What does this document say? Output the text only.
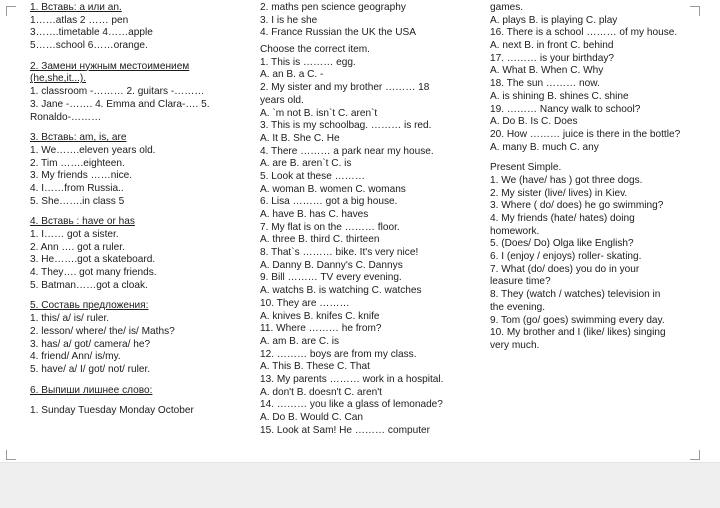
1. Вставь: a или an.
1……atlas 2 …… pen
3…….timetable 4……apple
5……school 6……orange.
2. Замени нужным местоимением
(he,she,it...).
1. classroom -……… 2. guitars -………
3. Jane -……. 4. Emma and Clara-…. 5.
Ronaldo-………
3. Вставь: am, is, are
1. We…….eleven years old.
2. Tim …….eighteen.
3. My friends ……nice.
4. I……from Russia..
5. She…….in class 5
4. Вставь : have or has
1. I…… got a sister.
2. Ann …. got a ruler.
3. He…….got a skateboard.
4. They…. got many friends.
5. Batman……got a cloak.
5. Составь предложения:
1. this/ a/ is/ ruler.
2. lesson/ where/ the/ is/ Maths?
3. has/ a/ got/ camera/ he?
4. friend/ Ann/ is/my.
5. have/ a/ I/ got/ not/ ruler.
6. Выпиши лишнее слово:
1. Sunday Tuesday Monday October
2. maths pen science geography
3. I is he she
4. France Russian the UK the USA
Choose the correct item.
1. This is ……… egg.
A. an B. a C. -
2. My sister and my brother ……… 18
years old.
A. `m not B. isn`t C. aren`t
3. This is my schoolbag. ……… is red.
A. It B. She C. He
4. There ……… a park near my house.
A. are B. aren`t C. is
5. Look at these ………
A. woman B. women C. womans
6. Lisa ……… got a big house.
A. have B. has C. haves
7. My flat is on the ……… floor.
A. three B. third C. thirteen
8. That`s ……… bike. It's very nice!
A. Danny B. Danny's C. Dannys
9. Bill ……… TV every evening.
A. watchs B. is watching C. watches
10. They are ………
A. knives B. knifes C. knife
11. Where ……… he from?
A. am B. are C. is
12. ……… boys are from my class.
A. This B. These C. That
13. My parents ……… work in a hospital.
A. don't B. doesn't C. aren't
14. ……… you like a glass of lemonade?
A. Do B. Would C. Can
15. Look at Sam! He ……… computer
games.
A. plays B. is playing C. play
16. There is a school ……… of my house.
A. next B. in front C. behind
17. ……… is your birthday?
A. What B. When C. Why
18. The sun ……… now.
A. is shining B. shines C. shine
19. ……… Nancy walk to school?
A. Do B. Is C. Does
20. How ……… juice is there in the bottle?
A. many B. much C. any
Present Simple.
1. We (have/ has ) got three dogs.
2. My sister (live/ lives) in Kiev.
3. Where ( do/ does) he go swimming?
4. My friends (hate/ hates) doing
homework.
5. (Does/ Do) Olga like English?
6. I (enjoy / enjoys) roller- skating.
7. What (do/ does) you do in your
leasure time?
8. They (watch / watches) television in
the evening.
9. Tom (go/ goes) swimming every day.
10. My brother and I (like/ likes) singing
very much.
